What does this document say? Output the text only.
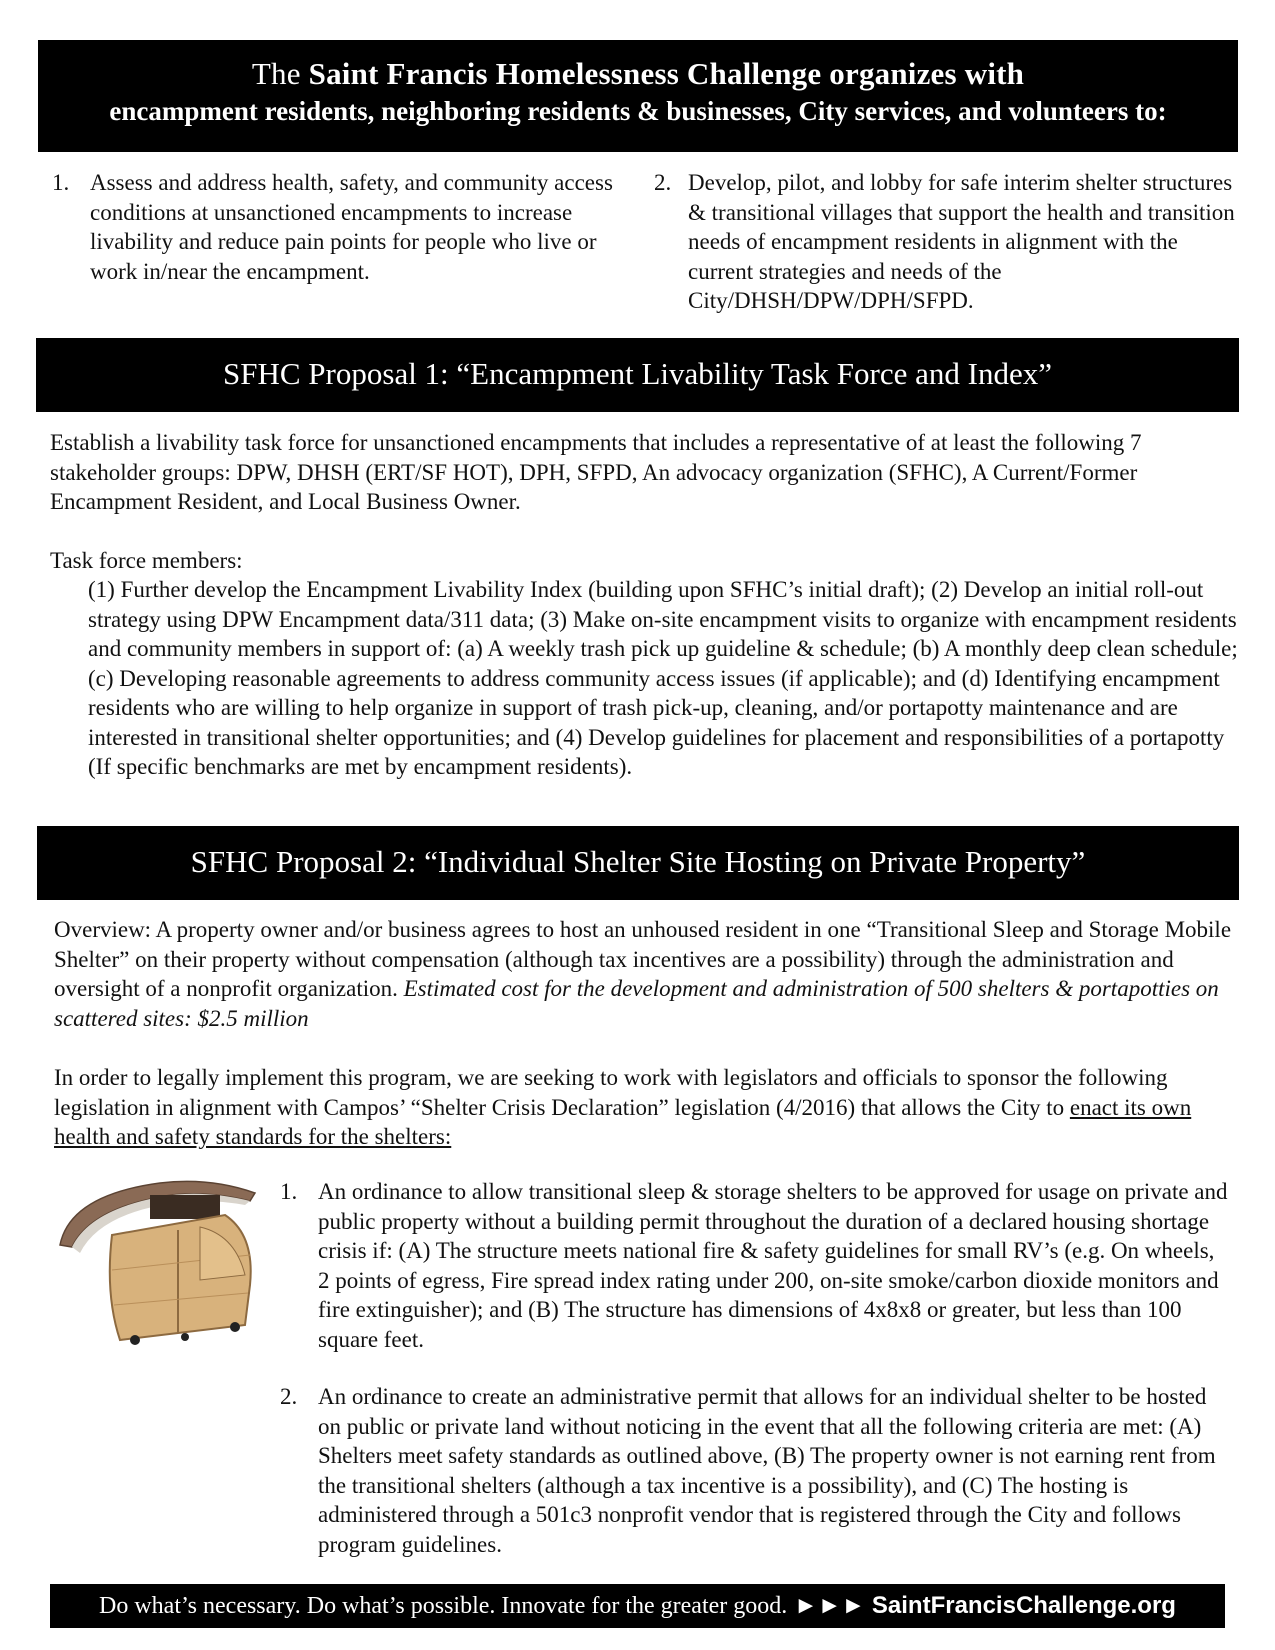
The Saint Francis Homelessness Challenge organizes with
encampment residents, neighboring residents & businesses, City services, and volunteers to:
1. Assess and address health, safety, and community access conditions at unsanctioned encampments to increase livability and reduce pain points for people who live or work in/near the encampment.
2. Develop, pilot, and lobby for safe interim shelter structures & transitional villages that support the health and transition needs of encampment residents in alignment with the current strategies and needs of the City/DHSH/DPW/DPH/SFPD.
SFHC Proposal 1: “Encampment Livability Task Force and Index”
Establish a livability task force for unsanctioned encampments that includes a representative of at least the following 7 stakeholder groups: DPW, DHSH (ERT/SF HOT), DPH, SFPD, An advocacy organization (SFHC), A Current/Former Encampment Resident, and Local Business Owner.
Task force members:
(1) Further develop the Encampment Livability Index (building upon SFHC’s initial draft); (2) Develop an initial roll-out strategy using DPW Encampment data/311 data; (3) Make on-site encampment visits to organize with encampment residents and community members in support of: (a) A weekly trash pick up guideline & schedule; (b) A monthly deep clean schedule; (c) Developing reasonable agreements to address community access issues (if applicable); and (d) Identifying encampment residents who are willing to help organize in support of trash pick-up, cleaning, and/or portapotty maintenance and are interested in transitional shelter opportunities; and (4) Develop guidelines for placement and responsibilities of a portapotty (If specific benchmarks are met by encampment residents).
SFHC Proposal 2: “Individual Shelter Site Hosting on Private Property”
Overview: A property owner and/or business agrees to host an unhoused resident in one “Transitional Sleep and Storage Mobile Shelter” on their property without compensation (although tax incentives are a possibility) through the administration and oversight of a nonprofit organization. Estimated cost for the development and administration of 500 shelters & portapotties on scattered sites: $2.5 million
In order to legally implement this program, we are seeking to work with legislators and officials to sponsor the following legislation in alignment with Campos’ “Shelter Crisis Declaration” legislation (4/2016) that allows the City to enact its own health and safety standards for the shelters:
1. An ordinance to allow transitional sleep & storage shelters to be approved for usage on private and public property without a building permit throughout the duration of a declared housing shortage crisis if: (A) The structure meets national fire & safety guidelines for small RV’s (e.g. On wheels, 2 points of egress, Fire spread index rating under 200, on-site smoke/carbon dioxide monitors and fire extinguisher); and (B) The structure has dimensions of 4x8x8 or greater, but less than 100 square feet.
2. An ordinance to create an administrative permit that allows for an individual shelter to be hosted on public or private land without noticing in the event that all the following criteria are met: (A) Shelters meet safety standards as outlined above, (B) The property owner is not earning rent from the transitional shelters (although a tax incentive is a possibility), and (C) The hosting is administered through a 501c3 nonprofit vendor that is registered through the City and follows program guidelines.
Do what’s necessary. Do what’s possible. Innovate for the greater good. ►►► SaintFrancisChallenge.org
